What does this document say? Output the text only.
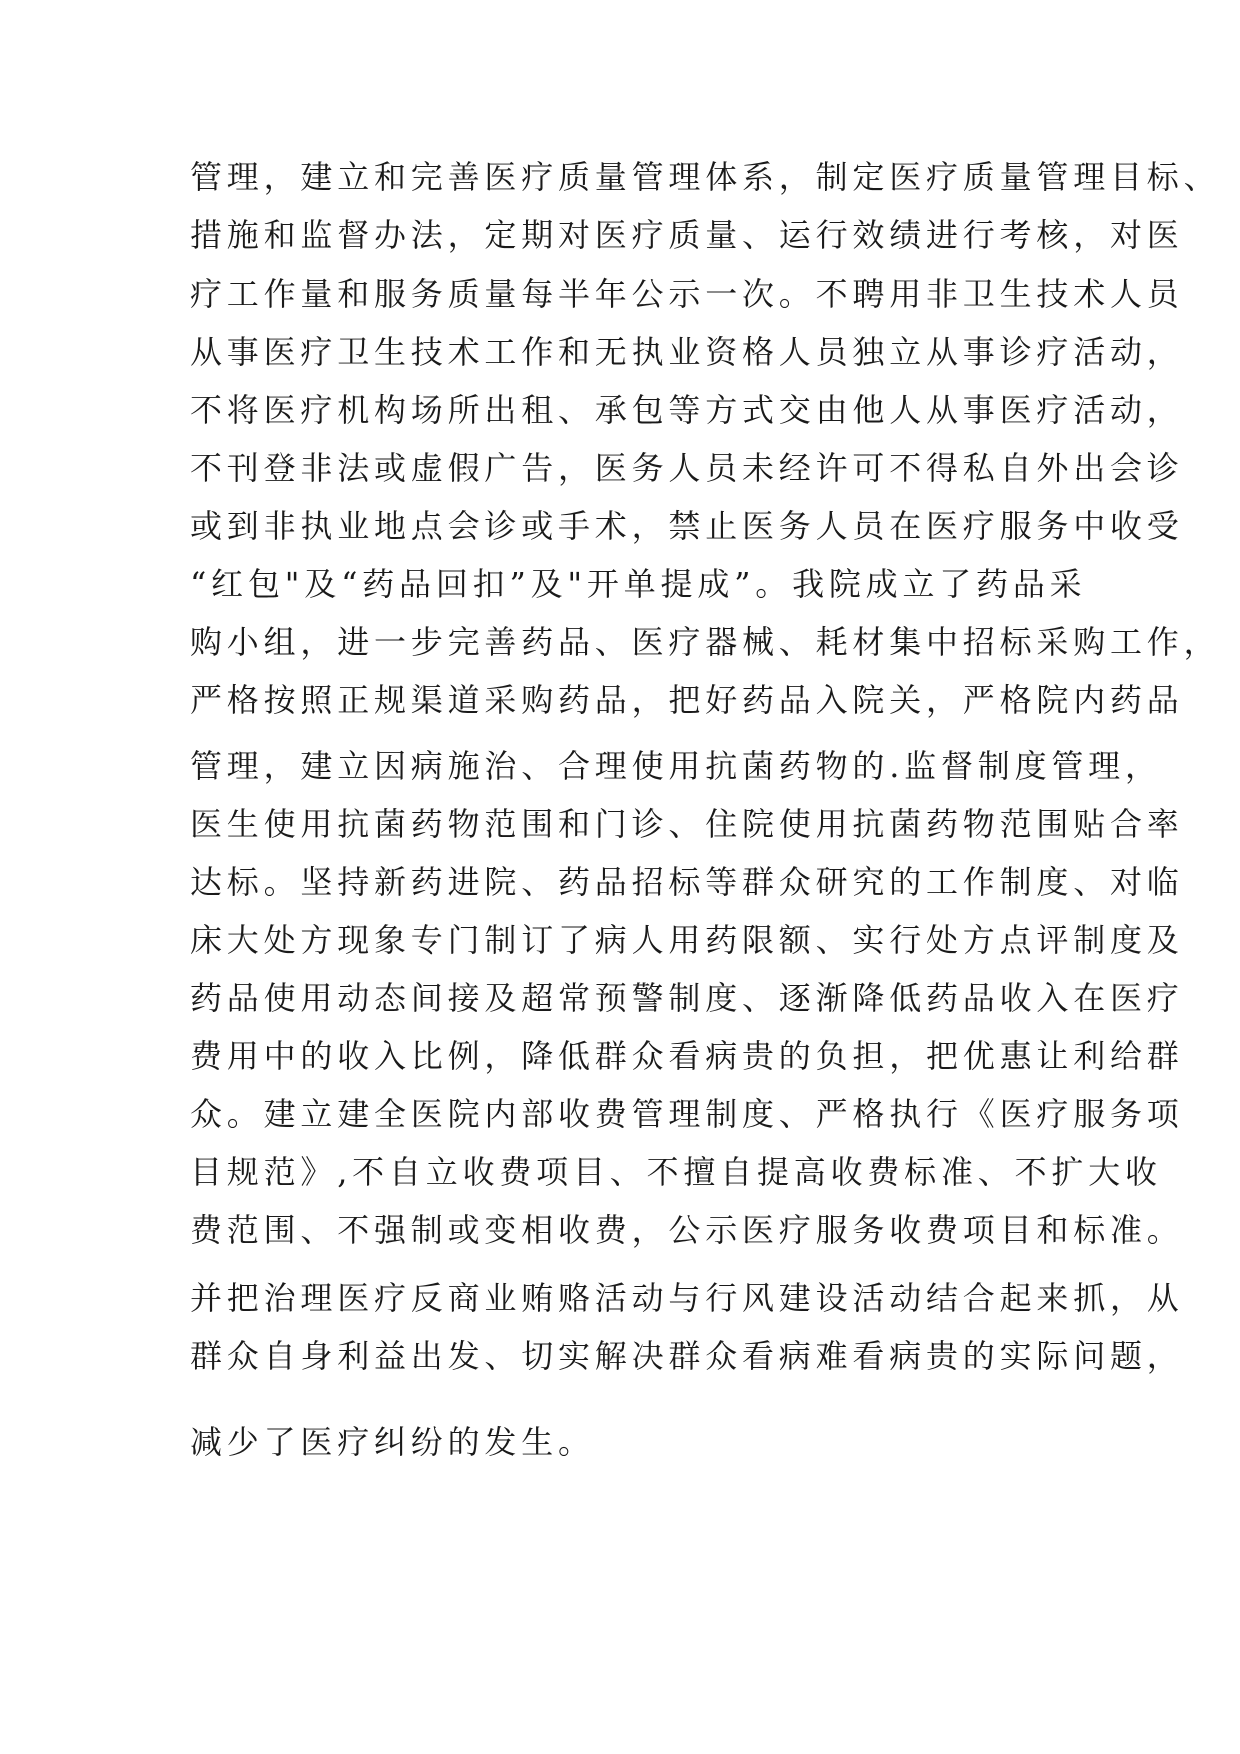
管理，建立和完善医疗质量管理体系，制定医疗质量管理目标、
措施和监督办法，定期对医疗质量、运行效绩进行考核，对医
疗工作量和服务质量每半年公示一次。不聘用非卫生技术人员
从事医疗卫生技术工作和无执业资格人员独立从事诊疗活动，
不将医疗机构场所出租、承包等方式交由他人从事医疗活动，
不刊登非法或虚假广告，医务人员未经许可不得私自外出会诊
或到非执业地点会诊或手术，禁止医务人员在医疗服务中收受
“红包"及“药品回扣”及"开单提成”。我院成立了药品采
购小组，进一步完善药品、医疗器械、耗材集中招标采购工作，
严格按照正规渠道采购药品，把好药品入院关，严格院内药品
管理，建立因病施治、合理使用抗菌药物的.监督制度管理，
医生使用抗菌药物范围和门诊、住院使用抗菌药物范围贴合率
达标。坚持新药进院、药品招标等群众研究的工作制度、对临
床大处方现象专门制订了病人用药限额、实行处方点评制度及
药品使用动态间接及超常预警制度、逐渐降低药品收入在医疗
费用中的收入比例，降低群众看病贵的负担，把优惠让利给群
众。建立建全医院内部收费管理制度、严格执行《医疗服务项
目规范》,不自立收费项目、不擅自提高收费标准、不扩大收
费范围、不强制或变相收费，公示医疗服务收费项目和标准。
并把治理医疗反商业贿赂活动与行风建设活动结合起来抓，从
群众自身利益出发、切实解决群众看病难看病贵的实际问题，
减少了医疗纠纷的发生。
